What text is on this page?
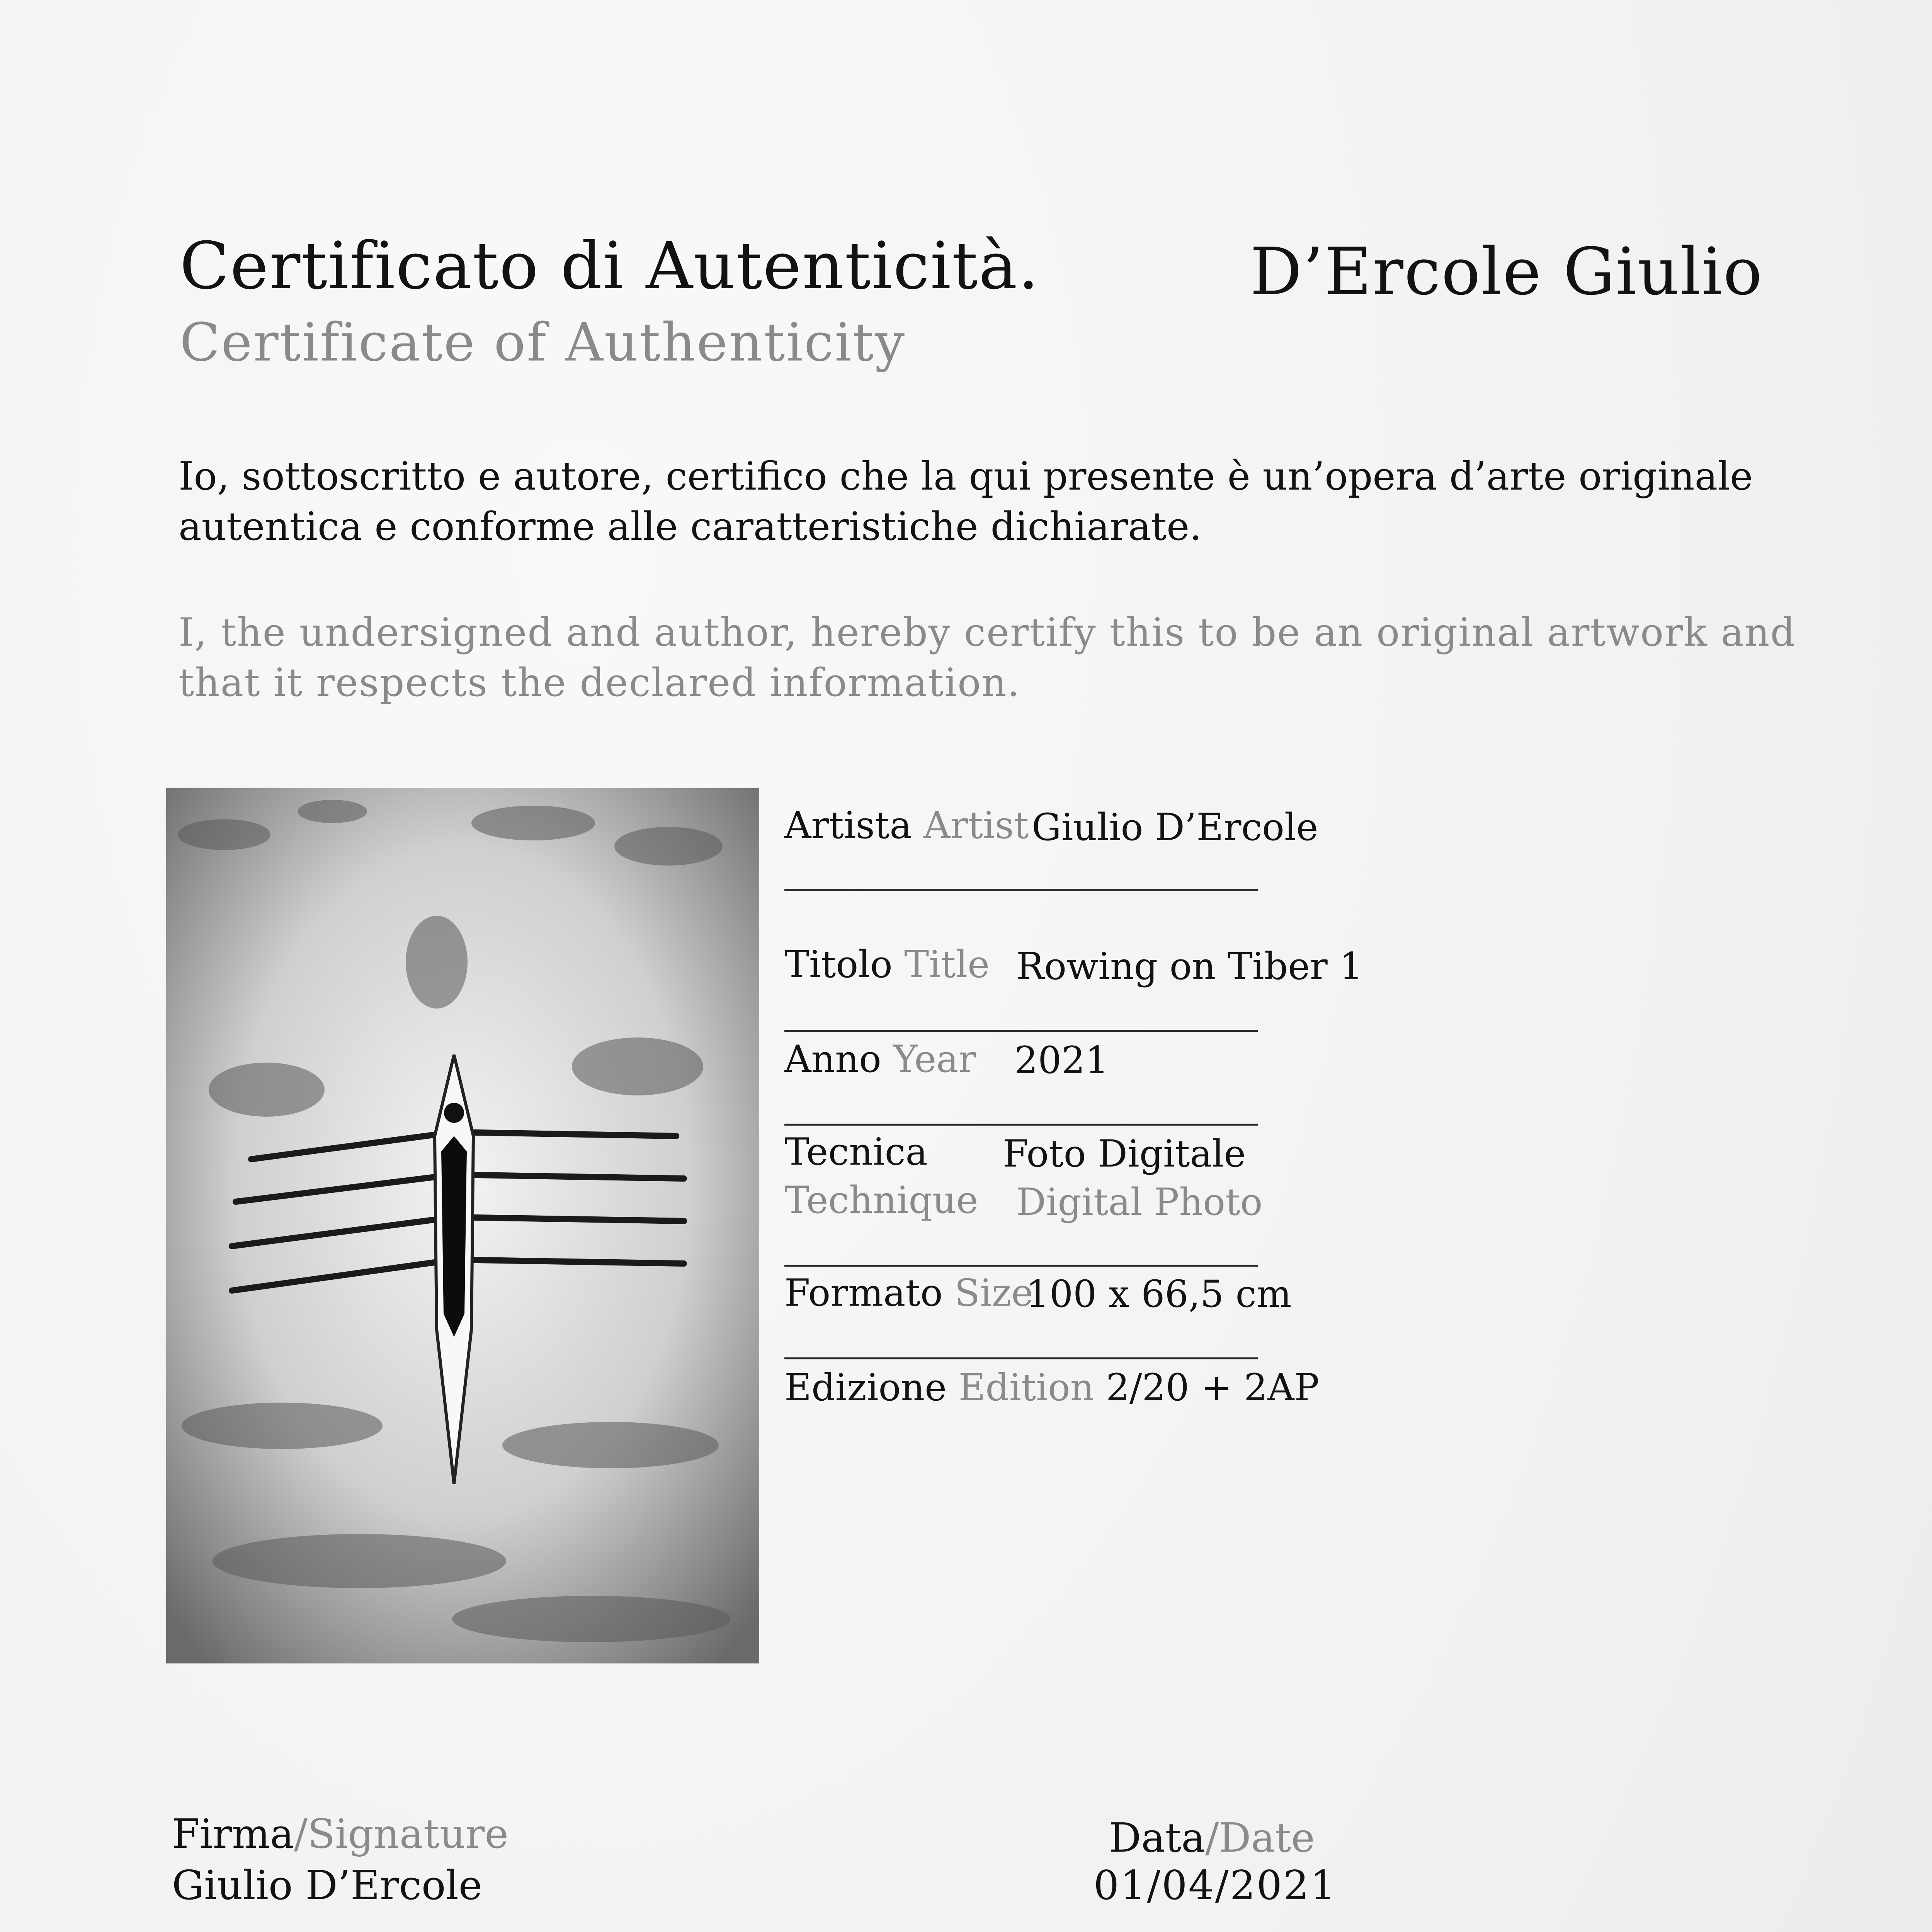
Certificato di Autenticità.
Certificate of Authenticity
D’Ercole Giulio
Io, sottoscritto e autore, certifico che la qui presente è un’opera d’arte originale autentica e conforme alle caratteristiche dichiarate.
I, the undersigned and author, hereby certify this to be an original artwork and that it respects the declared information.
Artista Artist Giulio D’Ercole
Titolo Title Rowing on Tiber 1
Anno Year 2021
Tecnica Foto Digitale
Technique Digital Photo
Formato Size
100 x 66,5 cm
Edizione Edition 2/20 + 2AP
Firma/Signature
Giulio D’Ercole
Data/Date
01/04/2021
